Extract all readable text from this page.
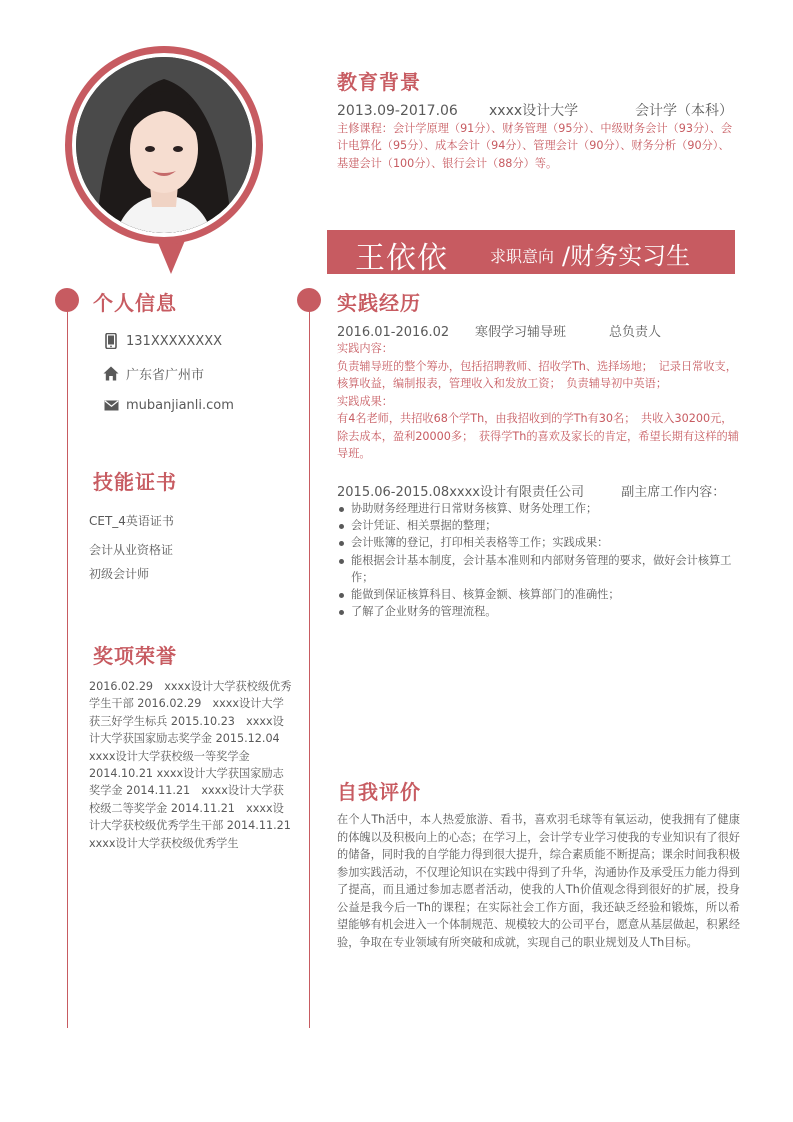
个人信息
131XXXXXXXX
广东省广州市
mubanjianli.com
技能证书
CET_4英语证书
会计从业资格证
初级会计师
奖项荣誉
2016.02.29　xxxx设计大学获校级优秀学生干部 2016.02.29　xxxx设计大学获三好学生标兵 2015.10.23　xxxx设计大学获国家励志奖学金 2015.12.04　xxxx设计大学获校级一等奖学金 2014.10.21 xxxx设计大学获国家励志奖学金 2014.11.21　xxxx设计大学获校级二等奖学金 2014.11.21　xxxx设计大学获校级优秀学生干部 2014.11.21　xxxx设计大学获校级优秀学生
教育背景
2013.09-2017.06 xxxx设计大学	会计学（本科）
主修课程：会计学原理（91分）、财务管理（95分）、中级财务会计（93分）、会计电算化（95分）、成本会计（94分）、管理会计（90分）、财务分析（90分）、基建会计（100分）、银行会计（88分）等。
王依依	求职意向 /财务实习生
实践经历
2016.01-2016.02 寒假学习辅导班	总负责人

实践内容：

负责辅导班的整个筹办，包括招聘教师、招收学Th、选择场地；　记录日常收支，核算收益，编制报表，管理收入和发放工资；　负责辅导初中英语；

实践成果：

有4名老师，共招收68个学Th，由我招收到的学Th有30名；　共收入30200元，除去成本，盈利20000多；　获得学Th的喜欢及家长的肯定，希望长期有这样的辅导班。

2015.06-2015.08xxxx设计有限责任公司	副主席工作内容：
协助财务经理进行日常财务核算、财务处理工作；
会计凭证、相关票据的整理；
会计账簿的登记，打印相关表格等工作；实践成果：
能根据会计基本制度，会计基本准则和内部财务管理的要求，做好会计核算工作；
能做到保证核算科目、核算金额、核算部门的准确性；
了解了企业财务的管理流程。
自我评价
在个人Th活中，本人热爱旅游、看书，喜欢羽毛球等有氧运动，使我拥有了健康的体魄以及积极向上的心态；在学习上，会计学专业学习使我的专业知识有了很好的储备，同时我的自学能力得到很大提升，综合素质能不断提高；课余时间我积极参加实践活动，不仅理论知识在实践中得到了升华，沟通协作及承受压力能力得到了提高，而且通过参加志愿者活动，使我的人Th价值观念得到很好的扩展，投身公益是我今后一Th的课程；在实际社会工作方面，我还缺乏经验和锻炼，所以希望能够有机会进入一个体制规范、规模较大的公司平台，愿意从基层做起，积累经验，争取在专业领域有所突破和成就，实现自己的职业规划及人Th目标。
